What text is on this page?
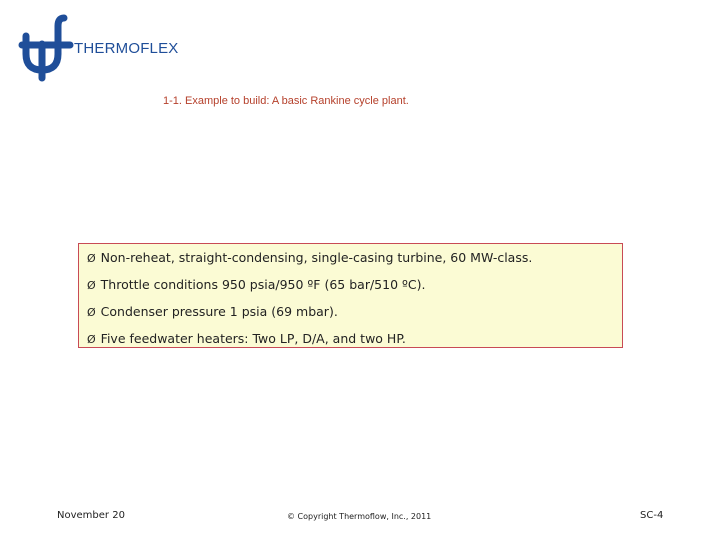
THERMOFLEX
1-1. Example to build: A basic Rankine cycle plant.
Ø Non-reheat, straight-condensing, single-casing turbine, 60 MW-class.
Ø Throttle conditions 950 psia/950 ºF (65 bar/510 ºC).
Ø Condenser pressure 1 psia (69 mbar).
Ø Five feedwater heaters: Two LP, D/A, and two HP.
November 20	© Copyright Thermoflow, Inc., 2011	SC-4
